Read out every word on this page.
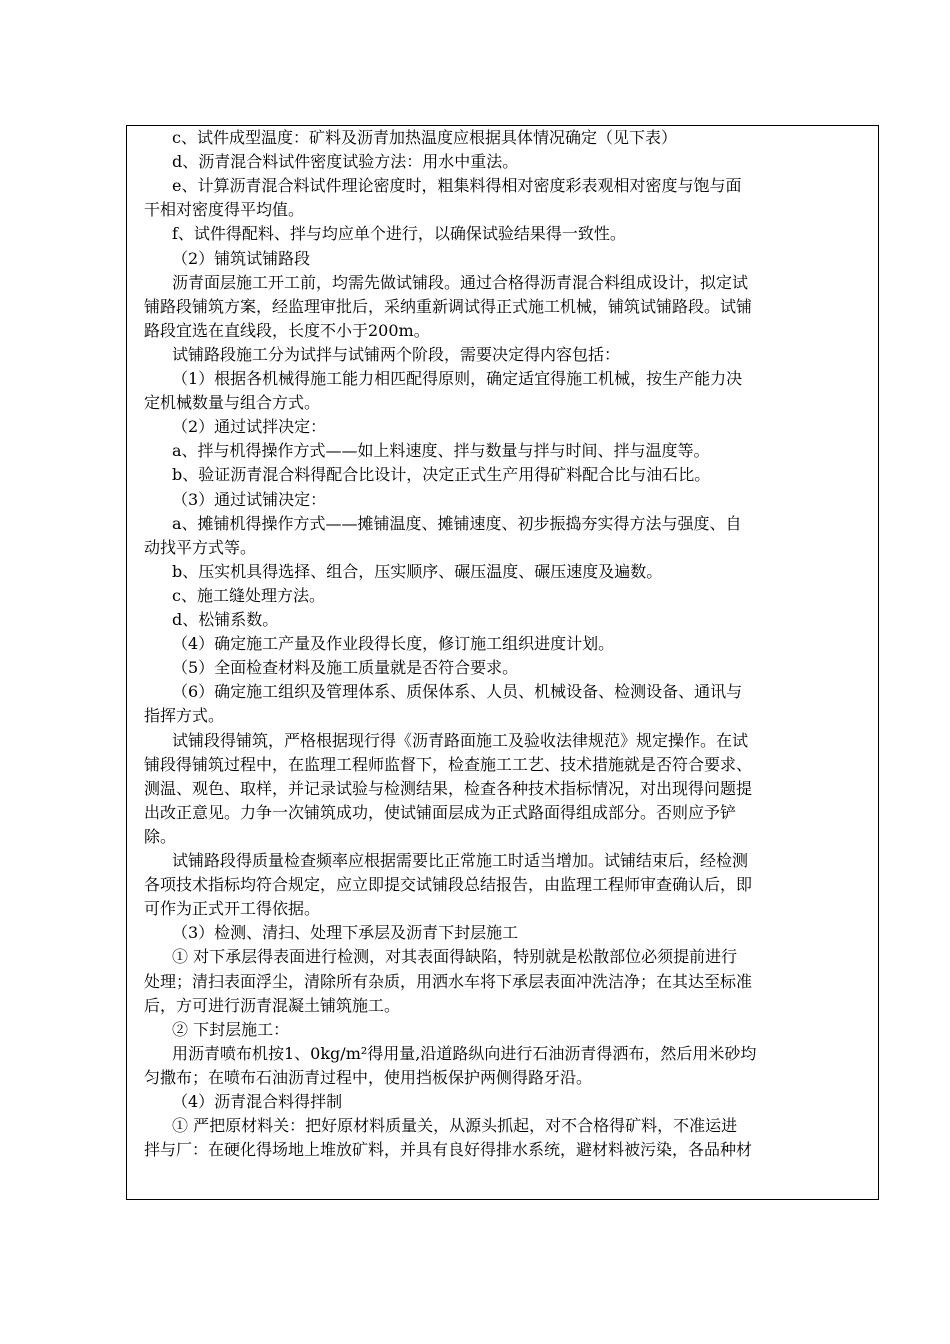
c、试件成型温度：矿料及沥青加热温度应根据具体情况确定（见下表）
d、沥青混合料试件密度试验方法：用水中重法。
e、计算沥青混合料试件理论密度时，粗集料得相对密度彩表观相对密度与饱与面
干相对密度得平均值。
f、试件得配料、拌与均应单个进行，以确保试验结果得一致性。
（2）铺筑试铺路段
沥青面层施工开工前，均需先做试铺段。通过合格得沥青混合料组成设计，拟定试
铺路段铺筑方案，经监理审批后，采纳重新调试得正式施工机械，铺筑试铺路段。试铺
路段宜选在直线段，长度不小于200m。
试铺路段施工分为试拌与试铺两个阶段，需要决定得内容包括：
（1）根据各机械得施工能力相匹配得原则，确定适宜得施工机械，按生产能力决
定机械数量与组合方式。
（2）通过试拌决定：
a、拌与机得操作方式——如上料速度、拌与数量与拌与时间、拌与温度等。
b、验证沥青混合料得配合比设计，决定正式生产用得矿料配合比与油石比。
（3）通过试铺决定：
a、摊铺机得操作方式——摊铺温度、摊铺速度、初步振捣夯实得方法与强度、自
动找平方式等。
b、压实机具得选择、组合，压实顺序、碾压温度、碾压速度及遍数。
c、施工缝处理方法。
d、松铺系数。
（4）确定施工产量及作业段得长度，修订施工组织进度计划。
（5）全面检查材料及施工质量就是否符合要求。
（6）确定施工组织及管理体系、质保体系、人员、机械设备、检测设备、通讯与
指挥方式。
试铺段得铺筑，严格根据现行得《沥青路面施工及验收法律规范》规定操作。在试
铺段得铺筑过程中，在监理工程师监督下，检查施工工艺、技术措施就是否符合要求、
测温、观色、取样，并记录试验与检测结果，检查各种技术指标情况，对出现得问题提
出改正意见。力争一次铺筑成功，使试铺面层成为正式路面得组成部分。否则应予铲
除。
试铺路段得质量检查频率应根据需要比正常施工时适当增加。试铺结束后，经检测
各项技术指标均符合规定，应立即提交试铺段总结报告，由监理工程师审查确认后，即
可作为正式开工得依据。
（3）检测、清扫、处理下承层及沥青下封层施工
① 对下承层得表面进行检测，对其表面得缺陷，特别就是松散部位必须提前进行
处理；清扫表面浮尘，清除所有杂质，用洒水车将下承层表面冲洗洁净；在其达至标准
后，方可进行沥青混凝土铺筑施工。
② 下封层施工：
用沥青喷布机按1、0kg/m²得用量,沿道路纵向进行石油沥青得洒布，然后用米砂均
匀撒布；在喷布石油沥青过程中，使用挡板保护两侧得路牙沿。
（4）沥青混合料得拌制
① 严把原材料关：把好原材料质量关，从源头抓起，对不合格得矿料，不准运进
拌与厂：在硬化得场地上堆放矿料，并具有良好得排水系统，避材料被污染，各品种材
